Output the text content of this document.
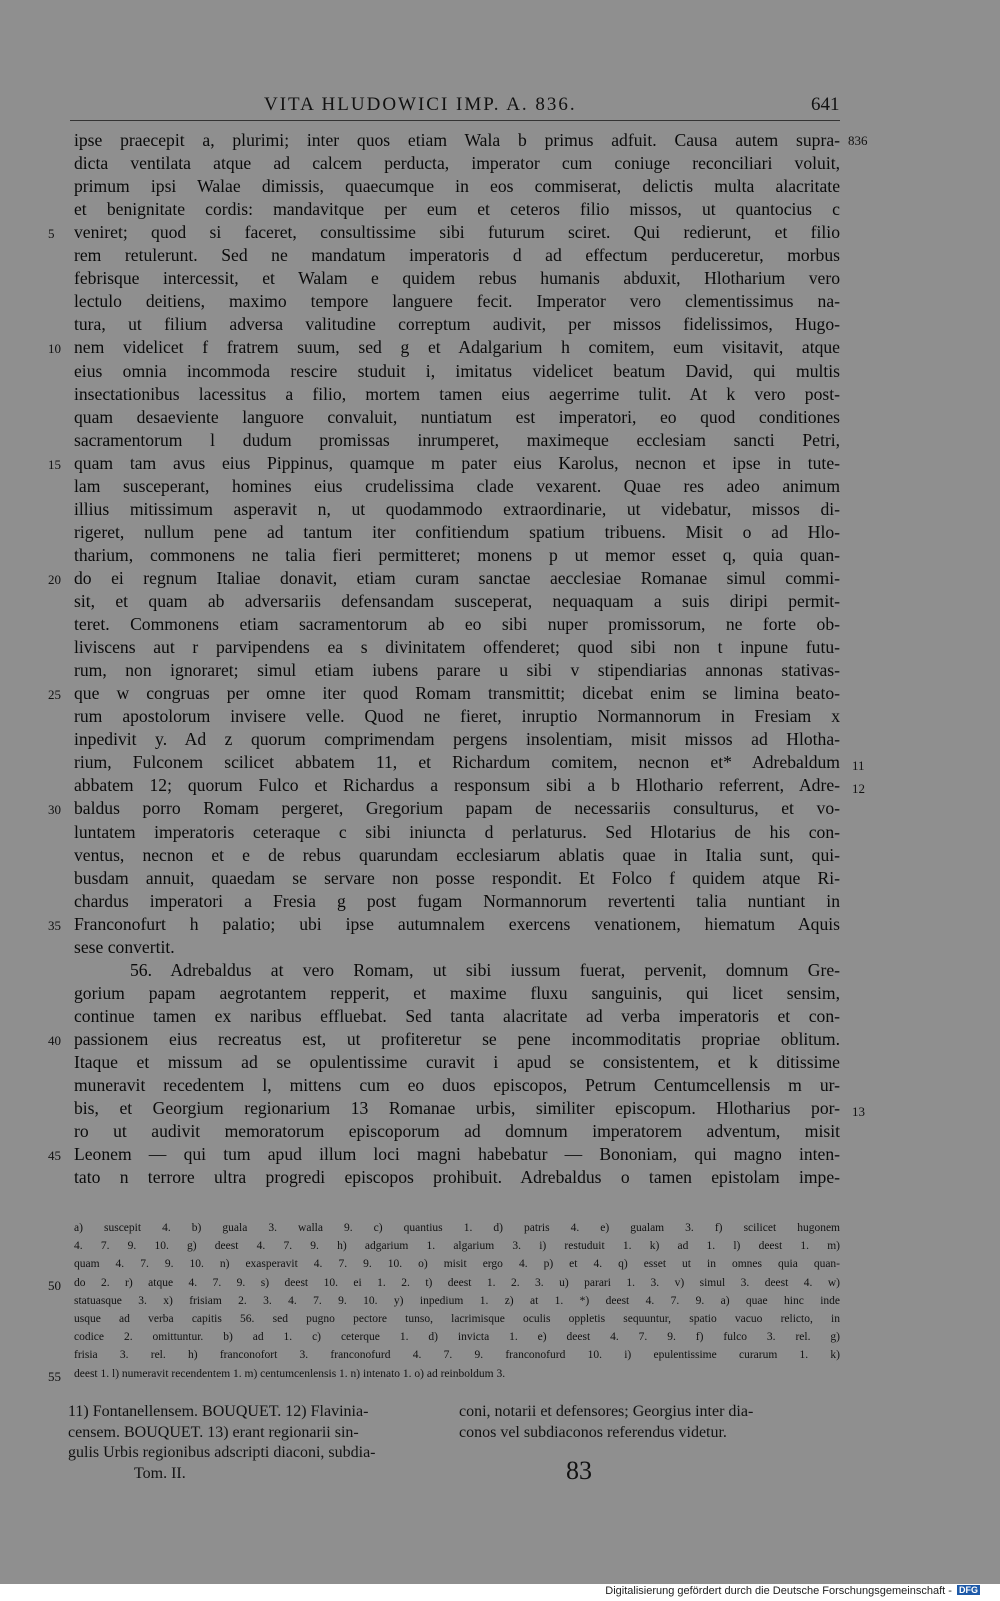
VITA HLUDOWICI IMP. A. 836.	641
836
ipse praecepit a, plurimi; inter quos etiam Wala b primus adfuit. Causa autem supra-
dicta ventilata atque ad calcem perducta, imperator cum coniuge reconciliari voluit,
primum ipsi Walae dimissis, quaecumque in eos commiserat, delictis multa alacritate
et benignitate cordis: mandavitque per eum et ceteros filio missos, ut quantocius c
veniret; quod si faceret, consultissime sibi futurum sciret. Qui redierunt, et filio
rem retulerunt. Sed ne mandatum imperatoris d ad effectum perduceretur, morbus
febrisque intercessit, et Walam e quidem rebus humanis abduxit, Hlotharium vero
lectulo deitiens, maximo tempore languere fecit. Imperator vero clementissimus na-
tura, ut filium adversa valitudine correptum audivit, per missos fidelissimos, Hugo-
nem videlicet f fratrem suum, sed g et Adalgarium h comitem, eum visitavit, atque
eius omnia incommoda rescire studuit i, imitatus videlicet beatum David, qui multis
insectationibus lacessitus a filio, mortem tamen eius aegerrime tulit. At k vero post-
quam desaeviente languore convaluit, nuntiatum est imperatori, eo quod conditiones
sacramentorum l dudum promissas inrumperet, maximeque ecclesiam sancti Petri,
quam tam avus eius Pippinus, quamque m pater eius Karolus, necnon et ipse in tute-
lam susceperant, homines eius crudelissima clade vexarent. Quae res adeo animum
illius mitissimum asperavit n, ut quodammodo extraordinarie, ut videbatur, missos di-
rigeret, nullum pene ad tantum iter confitiendum spatium tribuens. Misit o ad Hlo-
tharium, commonens ne talia fieri permitteret; monens p ut memor esset q, quia quan-
do ei regnum Italiae donavit, etiam curam sanctae aecclesiae Romanae simul commi-
sit, et quam ab adversariis defensandam susceperat, nequaquam a suis diripi permit-
teret. Commonens etiam sacramentorum ab eo sibi nuper promissorum, ne forte ob-
liviscens aut r parvipendens ea s divinitatem offenderet; quod sibi non t inpune futu-
rum, non ignoraret; simul etiam iubens parare u sibi v stipendiarias annonas stativas-
que w congruas per omne iter quod Romam transmittit; dicebat enim se limina beato-
rum apostolorum invisere velle. Quod ne fieret, inruptio Normannorum in Fresiam x
inpedivit y. Ad z quorum comprimendam pergens insolentiam, misit missos ad Hlotha-
rium, Fulconem scilicet abbatem 11, et Richardum comitem, necnon et* Adrebaldum
abbatem 12; quorum Fulco et Richardus a responsum sibi a b Hlothario referrent, Adre-
baldus porro Romam pergeret, Gregorium papam de necessariis consulturus, et vo-
luntatem imperatoris ceteraque c sibi iniuncta d perlaturus. Sed Hlotarius de his con-
ventus, necnon et e de rebus quarundam ecclesiarum ablatis quae in Italia sunt, qui-
busdam annuit, quaedam se servare non posse respondit. Et Folco f quidem atque Ri-
chardus imperatori a Fresia g post fugam Normannorum revertenti talia nuntiant in
Franconofurt h palatio; ubi ipse autumnalem exercens venationem, hiematum Aquis
sese convertit.
56. Adrebaldus at vero Romam, ut sibi iussum fuerat, pervenit, domnum Gre-
gorium papam aegrotantem repperit, et maxime fluxu sanguinis, qui licet sensim,
continue tamen ex naribus effluebat. Sed tanta alacritate ad verba imperatoris et con-
passionem eius recreatus est, ut profiteretur se pene incommoditatis propriae oblitum.
Itaque et missum ad se opulentissime curavit i apud se consistentem, et k ditissime
muneravit recedentem l, mittens cum eo duos episcopos, Petrum Centumcellensis m ur-
bis, et Georgium regionarium 13 Romanae urbis, similiter episcopum. Hlotharius por-
ro ut audivit memoratorum episcoporum ad domnum imperatorem adventum, misit
Leonem — qui tum apud illum loci magni habebatur — Bononiam, qui magno inten-
tato n terrore ultra progredi episcopos prohibuit. Adrebaldus o tamen epistolam impe-
5
10
15
20
25
30
35
40
45
11
12
13
50
55
a) suscepit 4. b) guala 3. walla 9. c) quantius 1. d) patris 4. e) gualam 3. f) scilicet hugonem
4. 7. 9. 10. g) deest 4. 7. 9. h) adgarium 1. algarium 3. i) restuduit 1. k) ad 1. l) deest 1. m)
quam 4. 7. 9. 10. n) exasperavit 4. 7. 9. 10. o) misit ergo 4. p) et 4. q) esset ut in omnes quia quan-
do 2. r) atque 4. 7. 9. s) deest 10. ei 1. 2. t) deest 1. 2. 3. u) parari 1. 3. v) simul 3. deest 4. w)
statuasque 3. x) frisiam 2. 3. 4. 7. 9. 10. y) inpedium 1. z) at 1. *) deest 4. 7. 9. a) quae hinc inde
usque ad verba capitis 56. sed pugno pectore tunso, lacrimisque oculis oppletis sequuntur, spatio vacuo relicto, in
codice 2. omittuntur. b) ad 1. c) ceterque 1. d) invicta 1. e) deest 4. 7. 9. f) fulco 3. rel. g)
frisia 3. rel. h) franconofort 3. franconofurd 4. 7. 9. franconofurd 10. i) epulentissime curarum 1. k)
deest 1. l) numeravit recendentem 1. m) centumcenlensis 1. n) intenato 1. o) ad reinboldum 3.
11) Fontanellensem. BOUQUET. 12) Flavinia-
censem. BOUQUET. 13) erant regionarii sin-
gulis Urbis regionibus adscripti diaconi, subdia-
Tom. II.
coni, notarii et defensores; Georgius inter dia-
conos vel subdiaconos referendus videtur.
83
Digitalisierung gefördert durch die Deutsche Forschungsgemeinschaft - DFG
